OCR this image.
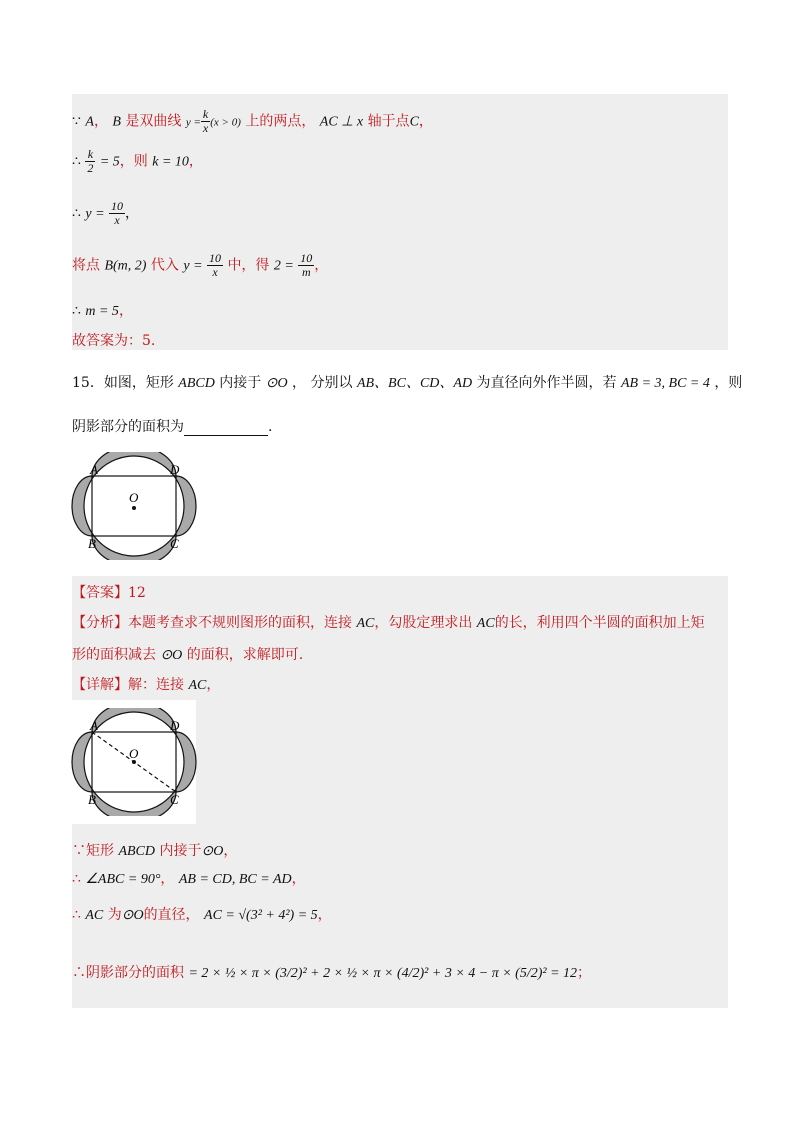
∵ A， B 是双曲线 $y = \frac{k}{x} (x > 0)$ 上的两点， AC ⊥ x 轴于点C，
∴ $\frac{k}{2} = 5$，则 k = 10，
∴ $y = \frac{10}{x}$ ，
将点 B(m, 2) 代入 $y = \frac{10}{x}$ 中，得 $2 = \frac{10}{m}$ ，
∴ m = 5，
故答案为：5.
15．如图，矩形 ABCD 内接于 ⊙O ， 分别以 AB、BC、CD、AD 为直径向外作半圆，若 AB = 3, BC = 4 ，则
阴影部分的面积为	.
A	D
B	C
O
【答案】12
【分析】本题考查求不规则图形的面积，连接 AC，勾股定理求出 AC的长，利用四个半圆的面积加上矩
形的面积减去 ⊙O 的面积，求解即可.
【详解】解：连接 AC，
A	D
B	C
O
∵矩形 ABCD 内接于⊙O，
∴ ∠ABC = 90°， AB = CD, BC = AD，
∴ AC 为⊙O的直径， AC = √(3² + 4²) = 5，
∴阴影部分的面积 = 2 × ½ × π × (3/2)² + 2 × ½ × π × (4/2)² + 3 × 4 − π × (5/2)² = 12；
